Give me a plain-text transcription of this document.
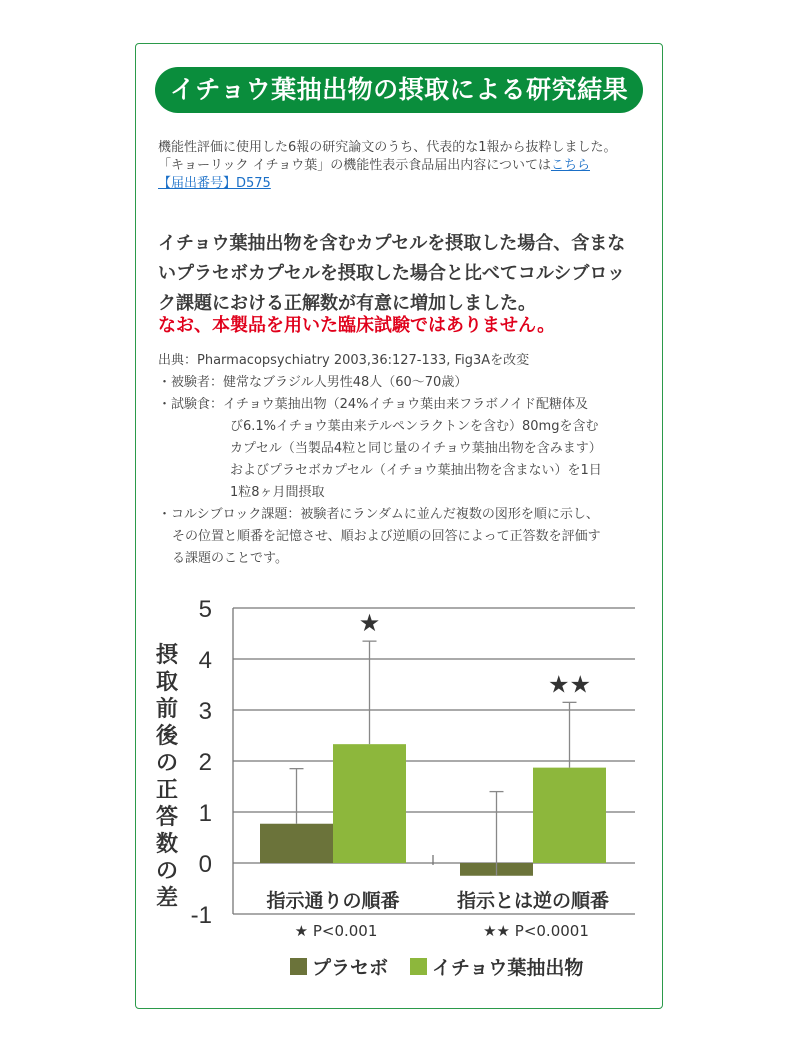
イチョウ葉抽出物の摂取による研究結果

機能性評価に使用した6報の研究論文のうち、代表的な1報から抜粋しました。

「キョーリック イチョウ葉」の機能性表示食品届出内容についてはこちら

【届出番号】D575

イチョウ葉抽出物を含むカプセルを摂取した場合、含まないプラセボカプセルを摂取した場合と比べてコルシブロック課題における正解数が有意に増加しました。
なお、本製品を用いた臨床試験ではありません。
出典：Pharmacopsychiatry 2003,36:127-133, Fig3Aを改変
・被験者： 健常なブラジル人男性48人（60〜70歳）
・試験食： イチョウ葉抽出物（24%イチョウ葉由来フラボノイド配糖体及
び6.1%イチョウ葉由来テルペンラクトンを含む）80mgを含む
カプセル（当製品4粒と同じ量のイチョウ葉抽出物を含みます）
およびプラセボカプセル（イチョウ葉抽出物を含まない）を1日
1粒8ヶ月間摂取
・コルシブロック課題：被験者にランダムに並んだ複数の図形を順に示し、
その位置と順番を記憶させ、順および逆順の回答によって正答数を評価す
る課題のことです。
5
4
3
2
1
0
-1
摂
取
前
後
の
正
答
数
の
差
★
★★
指示通りの順番	指示とは逆の順番
★ P<0.001	★★ P<0.0001
プラセボ イチョウ葉抽出物
